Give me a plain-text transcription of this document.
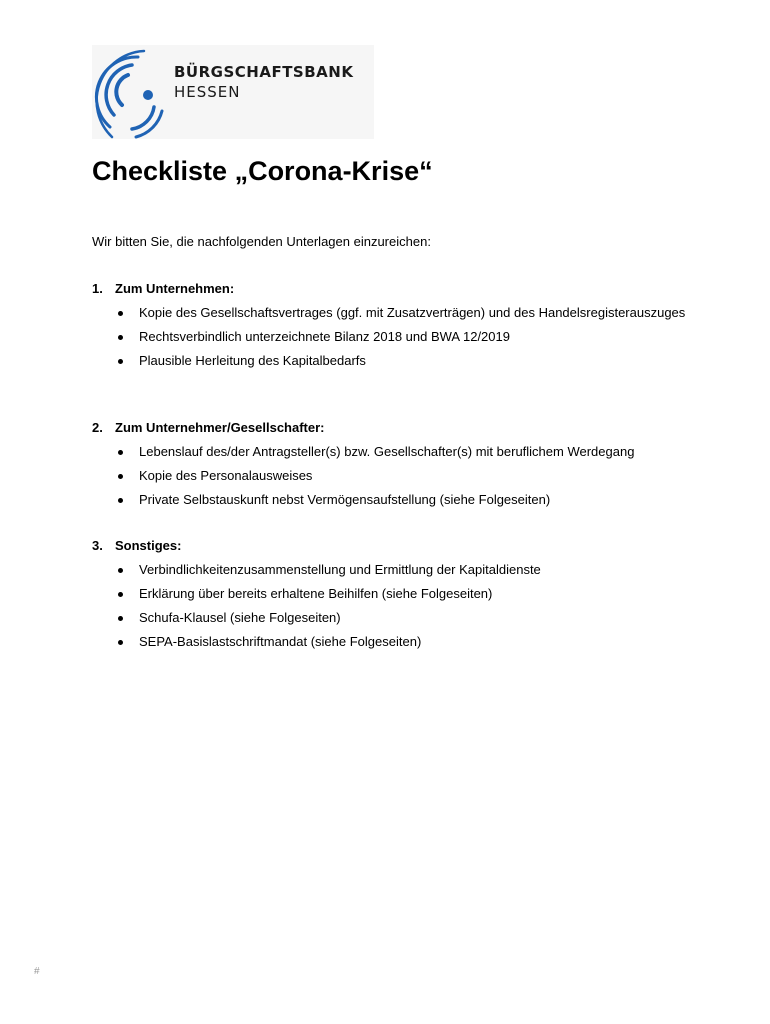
BÜRGSCHAFTSBANK
HESSEN
Checkliste „Corona-Krise“

Wir bitten Sie, die nachfolgenden Unterlagen einzureichen:

1. Zum Unternehmen:
Kopie des Gesellschaftsvertrages (ggf. mit Zusatzverträgen) und des Handelsregisterauszuges
Rechtsverbindlich unterzeichnete Bilanz 2018 und BWA 12/2019
Plausible Herleitung des Kapitalbedarfs
2. Zum Unternehmer/Gesellschafter:
Lebenslauf des/der Antragsteller(s) bzw. Gesellschafter(s) mit beruflichem Werdegang
Kopie des Personalausweises
Private Selbstauskunft nebst Vermögensaufstellung (siehe Folgeseiten)
3. Sonstiges:
Verbindlichkeitenzusammenstellung und Ermittlung der Kapitaldienste
Erklärung über bereits erhaltene Beihilfen (siehe Folgeseiten)
Schufa-Klausel (siehe Folgeseiten)
SEPA-Basislastschriftmandat (siehe Folgeseiten)
#
